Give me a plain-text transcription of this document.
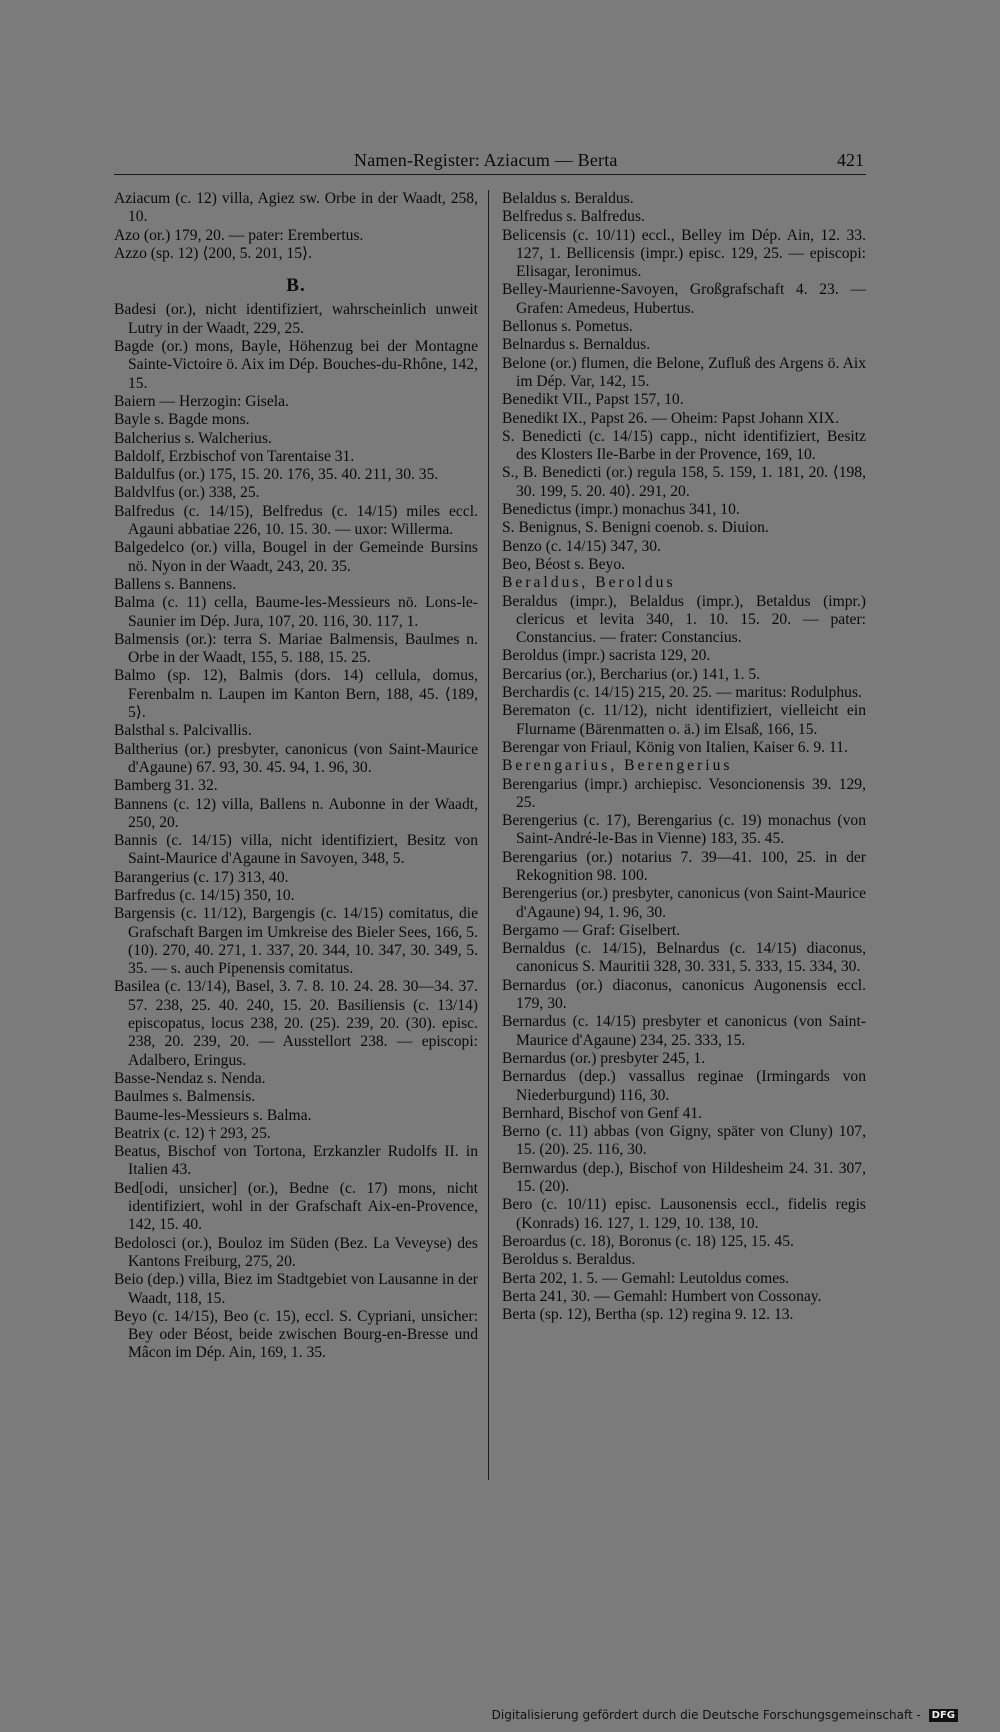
Namen-Register: Aziacum — Berta	421

Aziacum (c. 12) villa, Agiez sw. Orbe in der Waadt, 258, 10.

Azo (or.) 179, 20. — pater: Erembertus.

Azzo (sp. 12) ⟨200, 5. 201, 15⟩.

B.

Badesi (or.), nicht identifiziert, wahrscheinlich unweit Lutry in der Waadt, 229, 25.

Bagde (or.) mons, Bayle, Höhenzug bei der Montagne Sainte-Victoire ö. Aix im Dép. Bouches-du-Rhône, 142, 15.

Baiern — Herzogin: Gisela.

Bayle s. Bagde mons.

Balcherius s. Walcherius.

Baldolf, Erzbischof von Tarentaise 31.

Baldulfus (or.) 175, 15. 20. 176, 35. 40. 211, 30. 35.

Baldvlfus (or.) 338, 25.

Balfredus (c. 14/15), Belfredus (c. 14/15) miles eccl. Agauni abbatiae 226, 10. 15. 30. — uxor: Willerma.

Balgedelco (or.) villa, Bougel in der Gemeinde Bursins nö. Nyon in der Waadt, 243, 20. 35.

Ballens s. Bannens.

Balma (c. 11) cella, Baume-les-Messieurs nö. Lons-le-Saunier im Dép. Jura, 107, 20. 116, 30. 117, 1.

Balmensis (or.): terra S. Mariae Balmensis, Baulmes n. Orbe in der Waadt, 155, 5. 188, 15. 25.

Balmo (sp. 12), Balmis (dors. 14) cellula, domus, Ferenbalm n. Laupen im Kanton Bern, 188, 45. ⟨189, 5⟩.

Balsthal s. Palcivallis.

Baltherius (or.) presbyter, canonicus (von Saint-Maurice d'Agaune) 67. 93, 30. 45. 94, 1. 96, 30.

Bamberg 31. 32.

Bannens (c. 12) villa, Ballens n. Aubonne in der Waadt, 250, 20.

Bannis (c. 14/15) villa, nicht identifiziert, Besitz von Saint-Maurice d'Agaune in Savoyen, 348, 5.

Barangerius (c. 17) 313, 40.

Barfredus (c. 14/15) 350, 10.

Bargensis (c. 11/12), Bargengis (c. 14/15) comitatus, die Grafschaft Bargen im Umkreise des Bieler Sees, 166, 5. (10). 270, 40. 271, 1. 337, 20. 344, 10. 347, 30. 349, 5. 35. — s. auch Pipenensis comitatus.

Basilea (c. 13/14), Basel, 3. 7. 8. 10. 24. 28. 30—34. 37. 57. 238, 25. 40. 240, 15. 20. Basiliensis (c. 13/14) episcopatus, locus 238, 20. (25). 239, 20. (30). episc. 238, 20. 239, 20. — Ausstellort 238. — episcopi: Adalbero, Eringus.

Basse-Nendaz s. Nenda.

Baulmes s. Balmensis.

Baume-les-Messieurs s. Balma.

Beatrix (c. 12) † 293, 25.

Beatus, Bischof von Tortona, Erzkanzler Rudolfs II. in Italien 43.

Bed[odi, unsicher] (or.), Bedne (c. 17) mons, nicht identifiziert, wohl in der Grafschaft Aix-en-Provence, 142, 15. 40.

Bedolosci (or.), Bouloz im Süden (Bez. La Veveyse) des Kantons Freiburg, 275, 20.

Beio (dep.) villa, Biez im Stadtgebiet von Lausanne in der Waadt, 118, 15.

Beyo (c. 14/15), Beo (c. 15), eccl. S. Cypriani, unsicher: Bey oder Béost, beide zwischen Bourg-en-Bresse und Mâcon im Dép. Ain, 169, 1. 35.

Belaldus s. Beraldus.

Belfredus s. Balfredus.

Belicensis (c. 10/11) eccl., Belley im Dép. Ain, 12. 33. 127, 1. Bellicensis (impr.) episc. 129, 25. — episcopi: Elisagar, Ieronimus.

Belley-Maurienne-Savoyen, Großgrafschaft 4. 23. — Grafen: Amedeus, Hubertus.

Bellonus s. Pometus.

Belnardus s. Bernaldus.

Belone (or.) flumen, die Belone, Zufluß des Argens ö. Aix im Dép. Var, 142, 15.

Benedikt VII., Papst 157, 10.

Benedikt IX., Papst 26. — Oheim: Papst Johann XIX.

S. Benedicti (c. 14/15) capp., nicht identifiziert, Besitz des Klosters Ile-Barbe in der Provence, 169, 10.

S., B. Benedicti (or.) regula 158, 5. 159, 1. 181, 20. ⟨198, 30. 199, 5. 20. 40⟩. 291, 20.

Benedictus (impr.) monachus 341, 10.

S. Benignus, S. Benigni coenob. s. Diuion.

Benzo (c. 14/15) 347, 30.

Beo, Béost s. Beyo.

Beraldus, Beroldus

Beraldus (impr.), Belaldus (impr.), Betaldus (impr.) clericus et levita 340, 1. 10. 15. 20. — pater: Constancius. — frater: Constancius.

Beroldus (impr.) sacrista 129, 20.

Bercarius (or.), Bercharius (or.) 141, 1. 5.

Berchardis (c. 14/15) 215, 20. 25. — maritus: Rodulphus.

Berematon (c. 11/12), nicht identifiziert, vielleicht ein Flurname (Bärenmatten o. ä.) im Elsaß, 166, 15.

Berengar von Friaul, König von Italien, Kaiser 6. 9. 11.

Berengarius, Berengerius

Berengarius (impr.) archiepisc. Vesoncionensis 39. 129, 25.

Berengerius (c. 17), Berengarius (c. 19) monachus (von Saint-André-le-Bas in Vienne) 183, 35. 45.

Berengarius (or.) notarius 7. 39—41. 100, 25. in der Rekognition 98. 100.

Berengerius (or.) presbyter, canonicus (von Saint-Maurice d'Agaune) 94, 1. 96, 30.

Bergamo — Graf: Giselbert.

Bernaldus (c. 14/15), Belnardus (c. 14/15) diaconus, canonicus S. Mauritii 328, 30. 331, 5. 333, 15. 334, 30.

Bernardus (or.) diaconus, canonicus Augonensis eccl. 179, 30.

Bernardus (c. 14/15) presbyter et canonicus (von Saint-Maurice d'Agaune) 234, 25. 333, 15.

Bernardus (or.) presbyter 245, 1.

Bernardus (dep.) vassallus reginae (Irmingards von Niederburgund) 116, 30.

Bernhard, Bischof von Genf 41.

Berno (c. 11) abbas (von Gigny, später von Cluny) 107, 15. (20). 25. 116, 30.

Bernwardus (dep.), Bischof von Hildesheim 24. 31. 307, 15. (20).

Bero (c. 10/11) episc. Lausonensis eccl., fidelis regis (Konrads) 16. 127, 1. 129, 10. 138, 10.

Beroardus (c. 18), Boronus (c. 18) 125, 15. 45.

Beroldus s. Beraldus.

Berta 202, 1. 5. — Gemahl: Leutoldus comes.

Berta 241, 30. — Gemahl: Humbert von Cossonay.

Berta (sp. 12), Bertha (sp. 12) regina 9. 12. 13.

Digitalisierung gefördert durch die Deutsche Forschungsgemeinschaft - DFG
